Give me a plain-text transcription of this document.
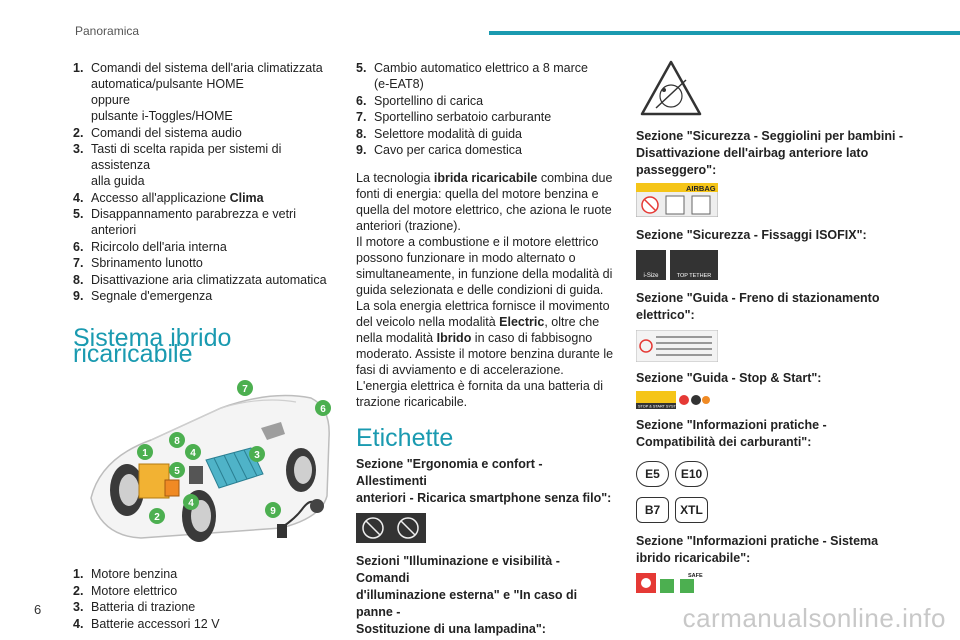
Panoramica
1. Comandi del sistema dell'aria climatizzata
automatica/pulsante HOME
oppure
pulsante i-Toggles/HOME
2. Comandi del sistema audio
3. Tasti di scelta rapida per sistemi di assistenza
alla guida
4. Accesso all'applicazione Clima
5. Disappannamento parabrezza e vetri anteriori
6. Ricircolo dell'aria interna
7. Sbrinamento lunotto
8. Disattivazione aria climatizzata automatica
9. Segnale d'emergenza
Sistema ibrido ricaricabile
1
2
3
4
4
5
6
7
8
9
1. Motore benzina
2. Motore elettrico
3. Batteria di trazione
4. Batterie accessori 12 V
5. Cambio automatico elettrico a 8 marce
(e-EAT8)
6. Sportellino di carica
7. Sportellino serbatoio carburante
8. Selettore modalità di guida
9. Cavo per carica domestica
La tecnologia ibrida ricaricabile combina due
fonti di energia: quella del motore benzina e
quella del motore elettrico, che aziona le ruote
anteriori (trazione).
Il motore a combustione e il motore elettrico
possono funzionare in modo alternato o
simultaneamente, in funzione della modalità di
guida selezionata e delle condizioni di guida.
La sola energia elettrica fornisce il movimento
del veicolo nella modalità Electric, oltre che
nella modalità Ibrido in caso di fabbisogno
moderato. Assiste il motore benzina durante le
fasi di avviamento e di accelerazione.
L'energia elettrica è fornita da una batteria di
trazione ricaricabile.
Etichette
Sezione "Ergonomia e confort - Allestimenti
anteriori - Ricarica smartphone senza filo":
Sezioni "Illuminazione e visibilità - Comandi
d'illuminazione esterna" e "In caso di panne -
Sostituzione di una lampadina":
Sezione "Sicurezza - Seggiolini per bambini -
Disattivazione dell'airbag anteriore lato
passeggero":
AIRBAG
Sezione "Sicurezza - Fissaggi ISOFIX":
i-Size	TOP TETHER
Sezione "Guida - Freno di stazionamento
elettrico":
Sezione "Guida - Stop & Start":
STOP & START SYSTEM
Sezione "Informazioni pratiche -
Compatibilità dei carburanti":
E5 E10
B7 XTL
Sezione "Informazioni pratiche - Sistema
ibrido ricaricabile":
SAFE
6	carmanualsonline.info
